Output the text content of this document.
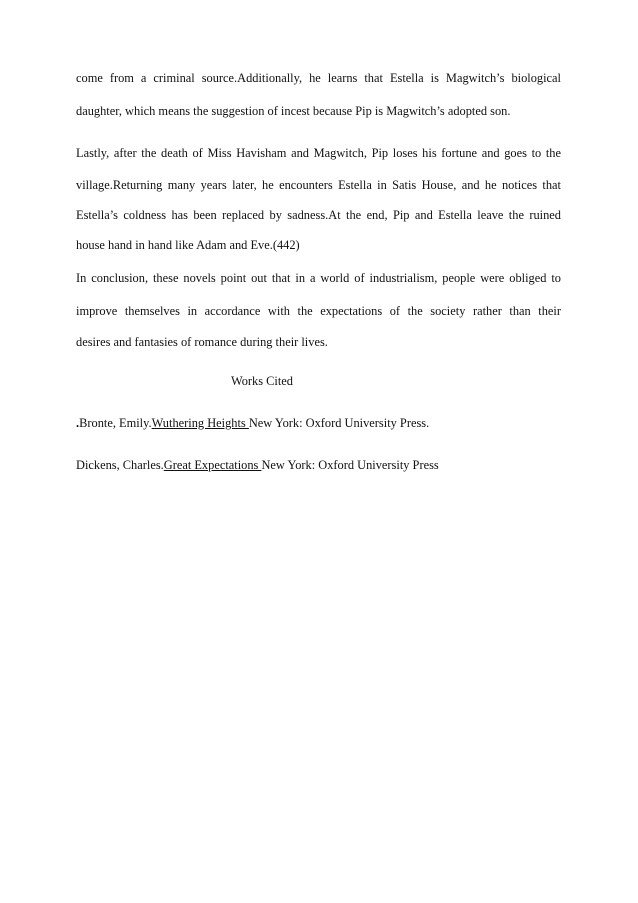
come from a criminal source.Additionally, he learns that Estella is Magwitch’s biological
daughter, which means the suggestion of incest because Pip is Magwitch’s adopted son.
Lastly, after the death of Miss Havisham and Magwitch, Pip loses his fortune and goes to the
village.Returning many years later, he encounters Estella in Satis House, and he notices that
Estella’s coldness has been replaced by sadness.At the end, Pip and Estella leave the ruined
house hand in hand like Adam and Eve.(442)
In conclusion, these novels point out that in a world of industrialism, people were obliged to
improve themselves in accordance with the expectations of the society rather than their
desires and fantasies of romance during their lives.
Works Cited
.Bronte, Emily.Wuthering Heights New York: Oxford University Press.
Dickens, Charles.Great Expectations New York: Oxford University Press
